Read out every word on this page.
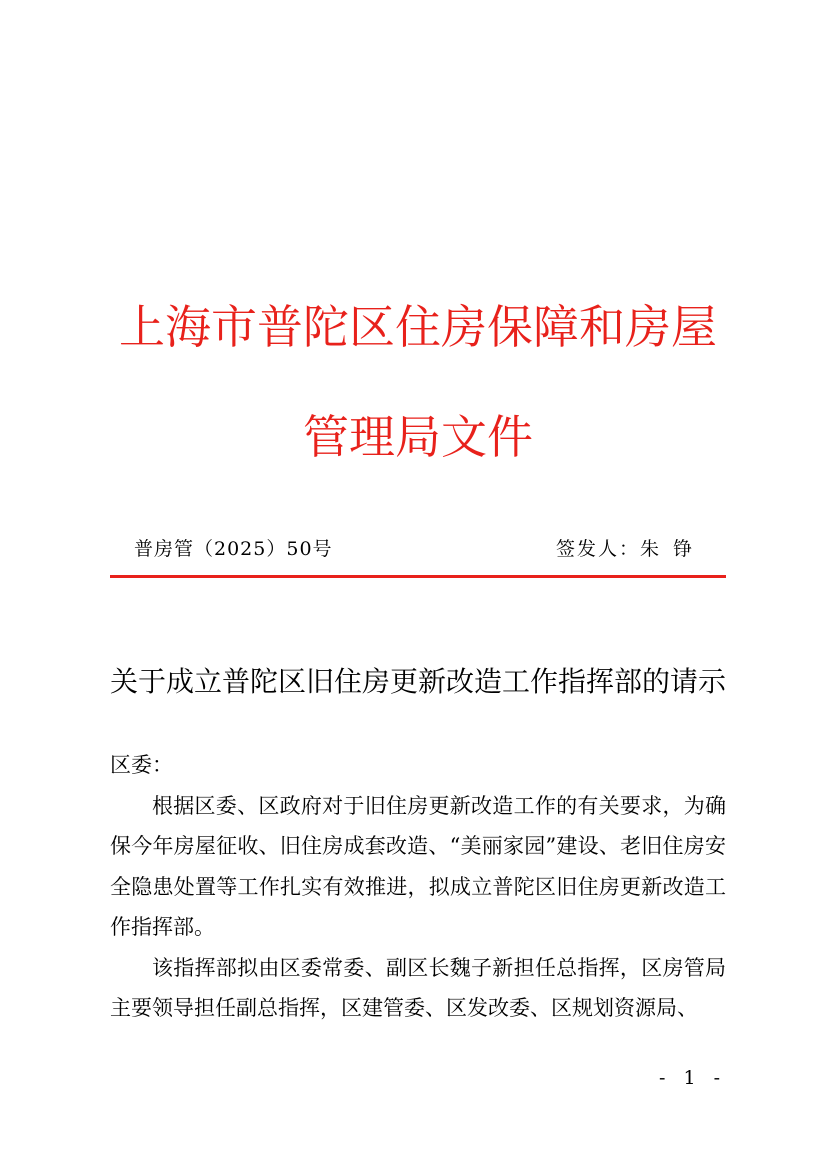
上海市普陀区住房保障和房屋管理局文件
普房管（2025）50号	签发人：朱铮
关于成立普陀区旧住房更新改造工作指挥部的请示

区委：

根据区委、区政府对于旧住房更新改造工作的有关要求，为确保今年房屋征收、旧住房成套改造、“美丽家园”建设、老旧住房安全隐患处置等工作扎实有效推进，拟成立普陀区旧住房更新改造工作指挥部。

该指挥部拟由区委常委、副区长魏子新担任总指挥，区房管局主要领导担任副总指挥，区建管委、区发改委、区规划资源局、

- 1 -
